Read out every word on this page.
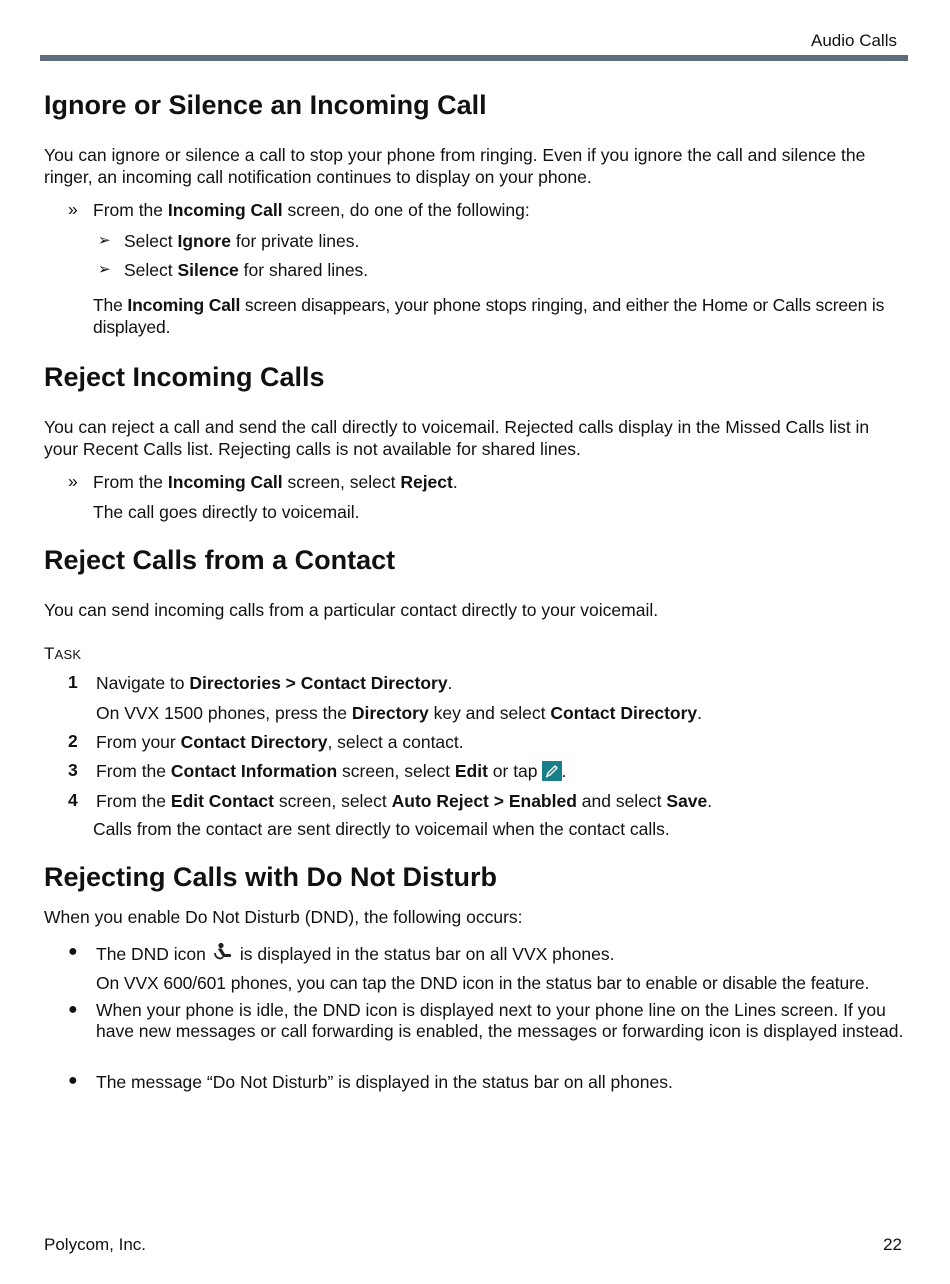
Audio Calls
Ignore or Silence an Incoming Call

You can ignore or silence a call to stop your phone from ringing. Even if you ignore the call and silence the ringer, an incoming call notification continues to display on your phone.

» From the Incoming Call screen, do one of the following:

➢ Select Ignore for private lines.

➢ Select Silence for shared lines.

The Incoming Call screen disappears, your phone stops ringing, and either the Home or Calls screen is displayed.

Reject Incoming Calls

You can reject a call and send the call directly to voicemail. Rejected calls display in the Missed Calls list in your Recent Calls list. Rejecting calls is not available for shared lines.

» From the Incoming Call screen, select Reject.

The call goes directly to voicemail.

Reject Calls from a Contact

You can send incoming calls from a particular contact directly to your voicemail.

TASK

1 Navigate to Directories > Contact Directory.

On VVX 1500 phones, press the Directory key and select Contact Directory.

2 From your Contact Directory, select a contact.

3 From the Contact Information screen, select Edit or tap .

4 From the Edit Contact screen, select Auto Reject > Enabled and select Save.

Calls from the contact are sent directly to voicemail when the contact calls.

Rejecting Calls with Do Not Disturb

When you enable Do Not Disturb (DND), the following occurs:

● The DND icon is displayed in the status bar on all VVX phones.

On VVX 600/601 phones, you can tap the DND icon in the status bar to enable or disable the feature.

● When your phone is idle, the DND icon is displayed next to your phone line on the Lines screen. If you have new messages or call forwarding is enabled, the messages or forwarding icon is displayed instead.

● The message “Do Not Disturb” is displayed in the status bar on all phones.

Polycom, Inc.	22
